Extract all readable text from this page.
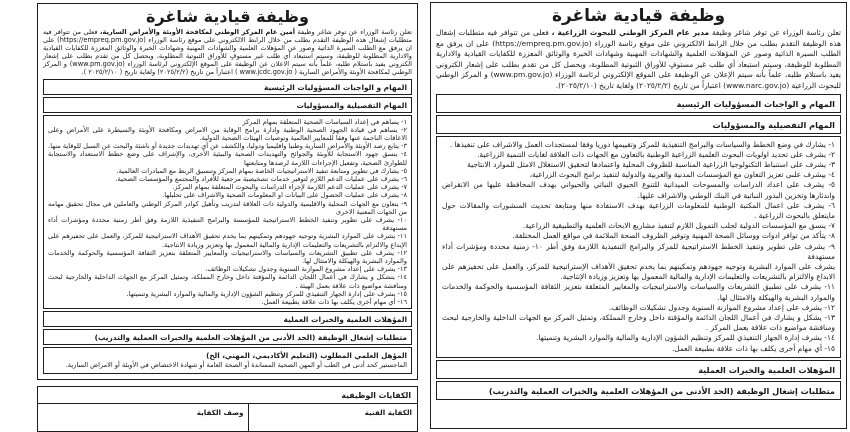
وظيفة قيادية شاغرة
تعلن رئاسة الوزراء عن توفر شاغر وظيفة أمين عام المركز الوطني لمكافحة الأوبئة والأمراض السارية، فعلى من تتوافر فيه متطلبات إشغال هذه الوظيفة التقدم بطلب من خلال الرابط الالكتروني على موقع رئاسة الوزراء (https://empreq.pm.gov.jo) على ان يرفق مع الطلب السيرة الذاتية وصور عن المؤهلات العلمية والشهادات المهنية وشهادات الخبرة والوثائق المعززة للكفايات القيادية والادارية المطلوبة للوظيفة، وسيتم استبعاد أي طلب غير مستوفٍ للأوراق الثبوتية المطلوبة، ويحصل كل من تقدم بطلب على إشعار الكتروني يفيد باستلام طلبه، علماً بأنه سيتم الاعلان عن الوظيفة على الموقع الإلكتروني لرئاسة الوزراء (www.pm.gov.jo) و المركز الوطني لمكافحة الأوبئة والأمراض السارية ( www.jcdc.gov.jo ) اعتباراً من تاريخ (٢٠٢٥/٢/٢) ولغاية تاريخ ( ٢٠٢٥/٢/١٠ ).
المهام و الواجبات المسؤوليات الرئيسية
المهام التفصيلية والمسؤوليات

١- يساهم في إعداد السياسات الصحية المتعلقة بمهام المركز

٢- يساهم في قيادة الجهود الصحية الوطنية وادارة برامج الوقاية من الامراض ومكافحة الأوبئة والسيطرة على الأمراض وعلى الاعاقات الناجمة عنها وفقا للمعايير العالمية وتوصيات الهيئات الصحية الدولية.

٣- يتابع رصد الأوبئة والأمراض السارية وطنيا واقليميا ودوليا، والكشف عن أي تهديدات جديدة أو ناشئة والبحث عن السبل للوقاية منها.

٤- ينسق جهود الاستجابة للأوبئة والجوائح والتهديدات الصحية والبيئية الأخرى، والإشراف على وضع خطط الاستعداد والاستجابة للطوارئ الصحية، وتفعيل الإجراءات اللازمة لرصدها ومتابعتها

٥- يشارك في تطوير ومتابعة تنفيذ الاستراتيجيات الخاصة بمهام المركز وتنسيق الربط مع المبادرات العالمية.

٦- يشرف على عمليات الدعم اللازم لتوفير خدمات تشخيصية مرجعية للأفراد والمجتمع والمؤسسات الصحية.

٧- يشرف على عمليات الدعم اللازمة لإجراء الدراسات والبحوث المتعلقة بمهام المركز.

٨- يشرف على عمليات الحصول على البيانات او المعلومات الصحية والاشراف على تحليلها.

٩- يتعاون مع الجهات المحلية والاقليمية والدولية ذات العلاقة لتدريب وتأهيل كوادر المركز الوطني والعاملين في مجال تحقيق مهامه من الجهات المعنية الاخرى

١٠- يشرف على تطوير وتنفيذ الخطط الاستراتيجية للمؤسسة والبرامج التنفيذية اللازمة وفق أطر زمنية محددة ومؤشرات أداء مستهدفة

١١- يشرف على الموارد البشرية وتوجيه جهودهم وتمكينهم بما يخدم تحقيق الأهداف الاستراتيجية للمركز، والعمل على تحفيزهم على الإبداع والالتزام بالتشريعات والتعليمات الإدارية والمالية المعمول بها وتعزيز وزيادة الانتاجية.

١٢- يشرف على تطبيق التشريعات والسياسات والاستراتيجيات والمعايير المتعلقة بتعزيز الثقافة المؤسسية والحوكمة والخدمات والموارد البشرية والهيكلة والامتثال لها.

١٣- يشرف على إعداد مشروع الموازنة السنوية وجدول تشكيلات الوظائف.

١٤- يتشكل و يشارك في أعمال اللجان الدائمة والمؤقتة داخل وخارج المملكة، وتمثيل المركز مع الجهات الداخلية والخارجية لبحث ومناقشة مواضيع ذات علاقة بعمل الهيئة .

١٥- يشرف على إدارة الجهاز التنفيذي للمركز وتنظيم الشؤون الإدارية والمالية والموارد البشرية وتنميتها.

١٦- أي مهام أخرى يكلف بها ذات علاقة بطبيعة العمل.

المؤهلات العلمية والخبرات العملية
متطلبات إشغال الوظيفة (الحد الأدنى من المؤهلات العلمية والخبرات العملية والتدريب)

المؤهل العلمي المطلوب (التعليم الأكاديمي، المهني، الخ)

الماجستير كحد أدنى في الطب أو المهن الصحية المساندة أو الصحة العامة أو شهادة الاختصاص في الأوبئة أو الامراض السارية.

الكفايات الوظيفية
الكفاية الفنية
وصف الكفاية
وظيفة قيادية شاغرة
تعلن رئاسة الوزراء عن توفر شاغر وظيفة مدير عام المركز الوطني للبحوث الزراعية ، فعلى من تتوافر فيه متطلبات إشغال هذه الوظيفة التقدم بطلب من خلال الرابط الالكتروني على موقع رئاسة الوزراء (https://empreq.pm.gov.jo) على ان يرفق مع الطلب السيرة الذاتية وصور عن المؤهلات العلمية والشهادات المهنية وشهادات الخبرة والوثائق المعززة للكفايات القيادية والادارية المطلوبة للوظيفة، وسيتم استبعاد أي طلب غير مستوفٍ للأوراق الثبوتية المطلوبة، ويحصل كل من تقدم بطلب على إشعار الكتروني يفيد باستلام طلبه، علماً بأنه سيتم الإعلان عن الوظيفة على الموقع الإلكتروني لرئاسة الوزراء (www.pm.gov.jo) و المركز الوطني للبحوث الزراعية (www.narc.gov.jo) اعتباراً من تاريخ (٢٠٢٥/٢/٢) ولغاية تاريخ (٢٠٢٥/٢/١٠).
المهام و الواجبات المسؤوليات الرئيسية
المهام التفصيلية والمسؤوليات

١- يشارك في وضع الخطط والسياسات والبرامج التنفيذية للمركز وتقييمها دوريا وفقا لمستجدات العمل والاشراف على تنفيذها .

٢- يشرف على تحديد اولويات البحوث العلمية الزراعية الوطنية بالتعاون مع الجهات ذات العلاقة لغايات التنمية الزراعية.

٣- يشرف على استنباط التكنولوجيا الزراعية المناسبة للظروف المحلية واعتمادها لتحقيق الاستغلال الامثل للموارد الانتاجية

٤- ييشرف علىى تعزيز التعاون مع المؤسسات المدنية والعربية والدولية لتنفيذ برامج البحوث الزراعية،

٥- يشرف على اعداد الدراسات والمسوحات الميدانية للتنوع الحيوي النباتي والحيواني بهدف المحافظة عليها من الانقراض واندثارها وتخزين البذور النباتية في البنك الوطني والاشراف عليها.

٦- يشرف على اعمال المكتبة الوطنية للمعلومات الزراعية بهدف الاستفادة منها ومتابعة تحديث المنشورات والمقالات حول مايتعلق بالبحوث الزراعية .

٧- ينسق مع المؤسسات الدولية لجلب التمويل اللازم لتنفيذ مشاريع الابحاث العلمية والتطبيقية الزراعية.

٨- يتأكد من توافر ادوات ووسائل الصحة المهنية وتوفير الظروف الصحة الملائمة في مواقع العمل المختلفة.

٩- يشرف على تطوير وتنفيذ الخطط الاستراتيجية للمركز والبرامج التنفيذية اللازمة وفق أطر ١٠- زمنية محددة ومؤشرات أداء مستهدفة

يشرف على الموارد البشرية وتوجيه جهودهم وتمكينهم بما يخدم تحقيق الأهداف الإستراتيجية للمركز، والعمل على تحفيزهم على الابداع والالتزام بالتشريعات والتعليمات الإدارية والمالية المعمول بها وتعزيز وزيادة الإنتاجية.

١١- يشرف على تطبيق التشريعات والسياسات والاستراتيجيات والمعايير المتعلقة بتعزيز الثقافة المؤسسية والحوكمة والخدمات والموارد البشرية والهيكلة والامتثال لها.

١٢- يشرف على إعداد مشروع الموازنة السنوية وجدول تشكيلات الوظائف.

١٣- يشكل و يشارك في أعمال اللجان الدائمة والمؤقتة داخل وخارج المملكة، وتمثيل المركز مع الجهات الداخلية والخارجية لبحث ومناقشة مواضيع ذات علاقة بعمل المركز .

١٤- يشرف إدارة الجهاز التنفيذي للمركز وتنظيم الشؤون الإدارية والمالية والموارد البشرية وتنميتها.

١٥- أي مهام أخرى يكلف بها ذات علاقة بطبيعة العمل.

المؤهلات العلمية والخبرات العملية
متطلبات إشغال الوظيفة (الحد الأدنى من المؤهلات العلمية والخبرات العملية والتدريب)
